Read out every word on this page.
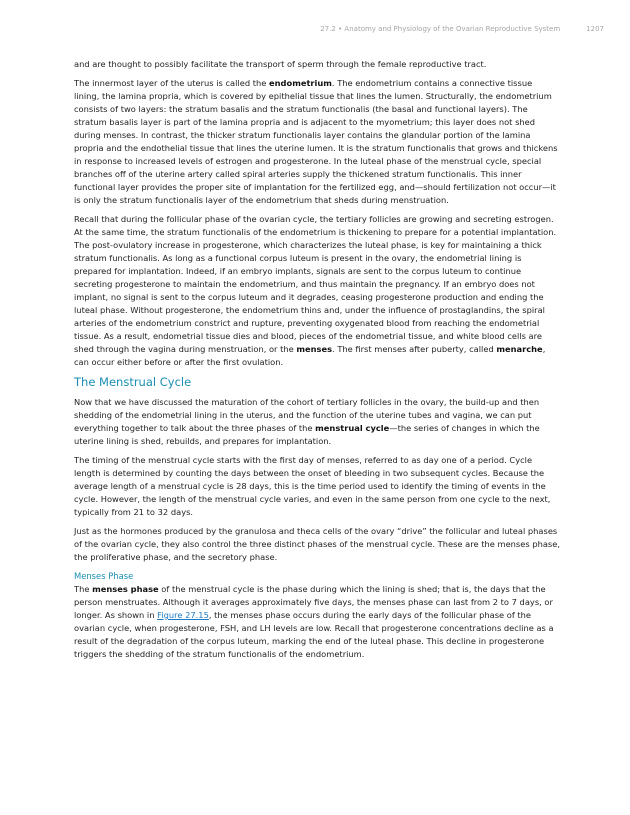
27.2 • Anatomy and Physiology of the Ovarian Reproductive System	1207

and are thought to possibly facilitate the transport of sperm through the female reproductive tract.

The innermost layer of the uterus is called the endometrium. The endometrium contains a connective tissue lining, the lamina propria, which is covered by epithelial tissue that lines the lumen. Structurally, the endometrium consists of two layers: the stratum basalis and the stratum functionalis (the basal and functional layers). The stratum basalis layer is part of the lamina propria and is adjacent to the myometrium; this layer does not shed during menses. In contrast, the thicker stratum functionalis layer contains the glandular portion of the lamina propria and the endothelial tissue that lines the uterine lumen. It is the stratum functionalis that grows and thickens in response to increased levels of estrogen and progesterone. In the luteal phase of the menstrual cycle, special branches off of the uterine artery called spiral arteries supply the thickened stratum functionalis. This inner functional layer provides the proper site of implantation for the fertilized egg, and—should fertilization not occur—it is only the stratum functionalis layer of the endometrium that sheds during menstruation.

Recall that during the follicular phase of the ovarian cycle, the tertiary follicles are growing and secreting estrogen. At the same time, the stratum functionalis of the endometrium is thickening to prepare for a potential implantation. The post-ovulatory increase in progesterone, which characterizes the luteal phase, is key for maintaining a thick stratum functionalis. As long as a functional corpus luteum is present in the ovary, the endometrial lining is prepared for implantation. Indeed, if an embryo implants, signals are sent to the corpus luteum to continue secreting progesterone to maintain the endometrium, and thus maintain the pregnancy. If an embryo does not implant, no signal is sent to the corpus luteum and it degrades, ceasing progesterone production and ending the luteal phase. Without progesterone, the endometrium thins and, under the influence of prostaglandins, the spiral arteries of the endometrium constrict and rupture, preventing oxygenated blood from reaching the endometrial tissue. As a result, endometrial tissue dies and blood, pieces of the endometrial tissue, and white blood cells are shed through the vagina during menstruation, or the menses. The first menses after puberty, called menarche, can occur either before or after the first ovulation.

The Menstrual Cycle

Now that we have discussed the maturation of the cohort of tertiary follicles in the ovary, the build-up and then shedding of the endometrial lining in the uterus, and the function of the uterine tubes and vagina, we can put everything together to talk about the three phases of the menstrual cycle—the series of changes in which the uterine lining is shed, rebuilds, and prepares for implantation.

The timing of the menstrual cycle starts with the first day of menses, referred to as day one of a period. Cycle length is determined by counting the days between the onset of bleeding in two subsequent cycles. Because the average length of a menstrual cycle is 28 days, this is the time period used to identify the timing of events in the cycle. However, the length of the menstrual cycle varies, and even in the same person from one cycle to the next, typically from 21 to 32 days.

Just as the hormones produced by the granulosa and theca cells of the ovary “drive” the follicular and luteal phases of the ovarian cycle, they also control the three distinct phases of the menstrual cycle. These are the menses phase, the proliferative phase, and the secretory phase.

Menses Phase

The menses phase of the menstrual cycle is the phase during which the lining is shed; that is, the days that the person menstruates. Although it averages approximately five days, the menses phase can last from 2 to 7 days, or longer. As shown in Figure 27.15, the menses phase occurs during the early days of the follicular phase of the ovarian cycle, when progesterone, FSH, and LH levels are low. Recall that progesterone concentrations decline as a result of the degradation of the corpus luteum, marking the end of the luteal phase. This decline in progesterone triggers the shedding of the stratum functionalis of the endometrium.
